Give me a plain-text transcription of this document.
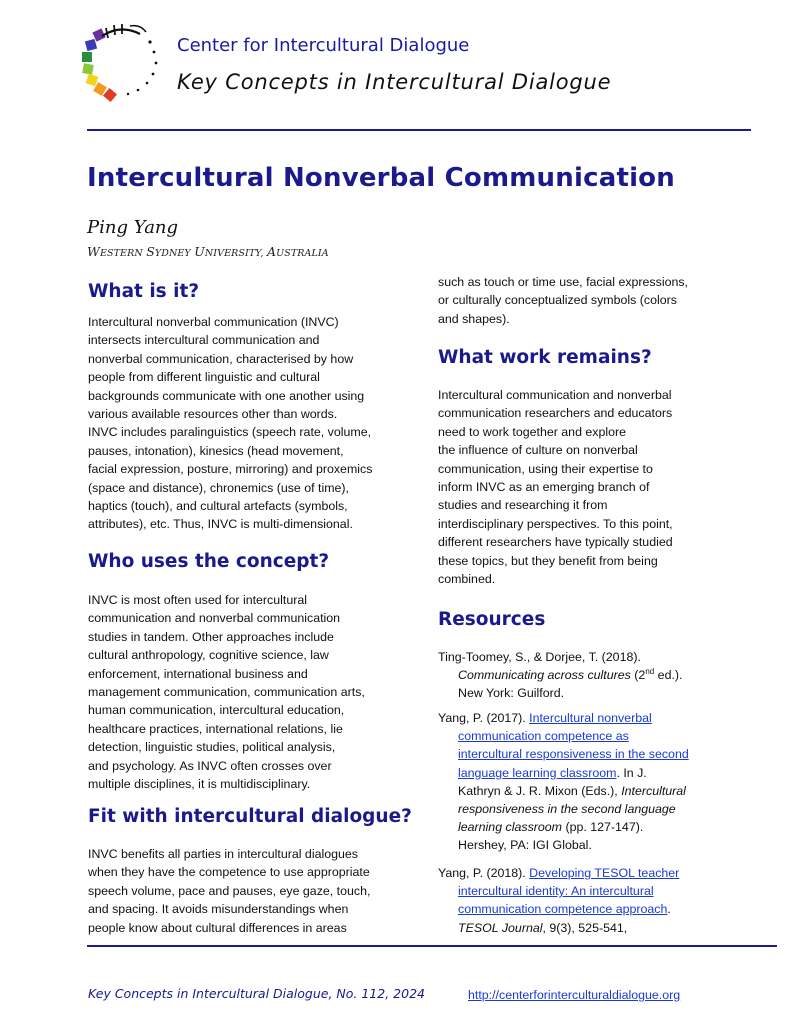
Center for Intercultural Dialogue
Key Concepts in Intercultural Dialogue
Intercultural Nonverbal Communication
Ping Yang
WESTERN SYDNEY UNIVERSITY, AUSTRALIA
What is it?
Intercultural nonverbal communication (INVC)
intersects intercultural communication and
nonverbal communication, characterised by how
people from different linguistic and cultural
backgrounds communicate with one another using
various available resources other than words.
INVC includes paralinguistics (speech rate, volume,
pauses, intonation), kinesics (head movement,
facial expression, posture, mirroring) and proxemics
(space and distance), chronemics (use of time),
haptics (touch), and cultural artefacts (symbols,
attributes), etc. Thus, INVC is multi-dimensional.
Who uses the concept?
INVC is most often used for intercultural
communication and nonverbal communication
studies in tandem. Other approaches include
cultural anthropology, cognitive science, law
enforcement, international business and
management communication, communication arts,
human communication, intercultural education,
healthcare practices, international relations, lie
detection, linguistic studies, political analysis,
and psychology. As INVC often crosses over
multiple disciplines, it is multidisciplinary.
Fit with intercultural dialogue?
INVC benefits all parties in intercultural dialogues
when they have the competence to use appropriate
speech volume, pace and pauses, eye gaze, touch,
and spacing. It avoids misunderstandings when
people know about cultural differences in areas
such as touch or time use, facial expressions,
or culturally conceptualized symbols (colors
and shapes).
What work remains?
Intercultural communication and nonverbal
communication researchers and educators
need to work together and explore
the influence of culture on nonverbal
communication, using their expertise to
inform INVC as an emerging branch of
studies and researching it from
interdisciplinary perspectives. To this point,
different researchers have typically studied
these topics, but they benefit from being
combined.
Resources
Ting-Toomey, S., & Dorjee, T. (2018).
Communicating across cultures (2nd ed.).
New York: Guilford.
Yang, P. (2017). Intercultural nonverbal
communication competence as
intercultural responsiveness in the second
language learning classroom. In J.
Kathryn & J. R. Mixon (Eds.), Intercultural
responsiveness in the second language
learning classroom (pp. 127-147).
Hershey, PA: IGI Global.
Yang, P. (2018). Developing TESOL teacher
intercultural identity: An intercultural
communication competence approach.
TESOL Journal, 9(3), 525-541,
Key Concepts in Intercultural Dialogue, No. 112, 2024	http://centerforinterculturaldialogue.org
